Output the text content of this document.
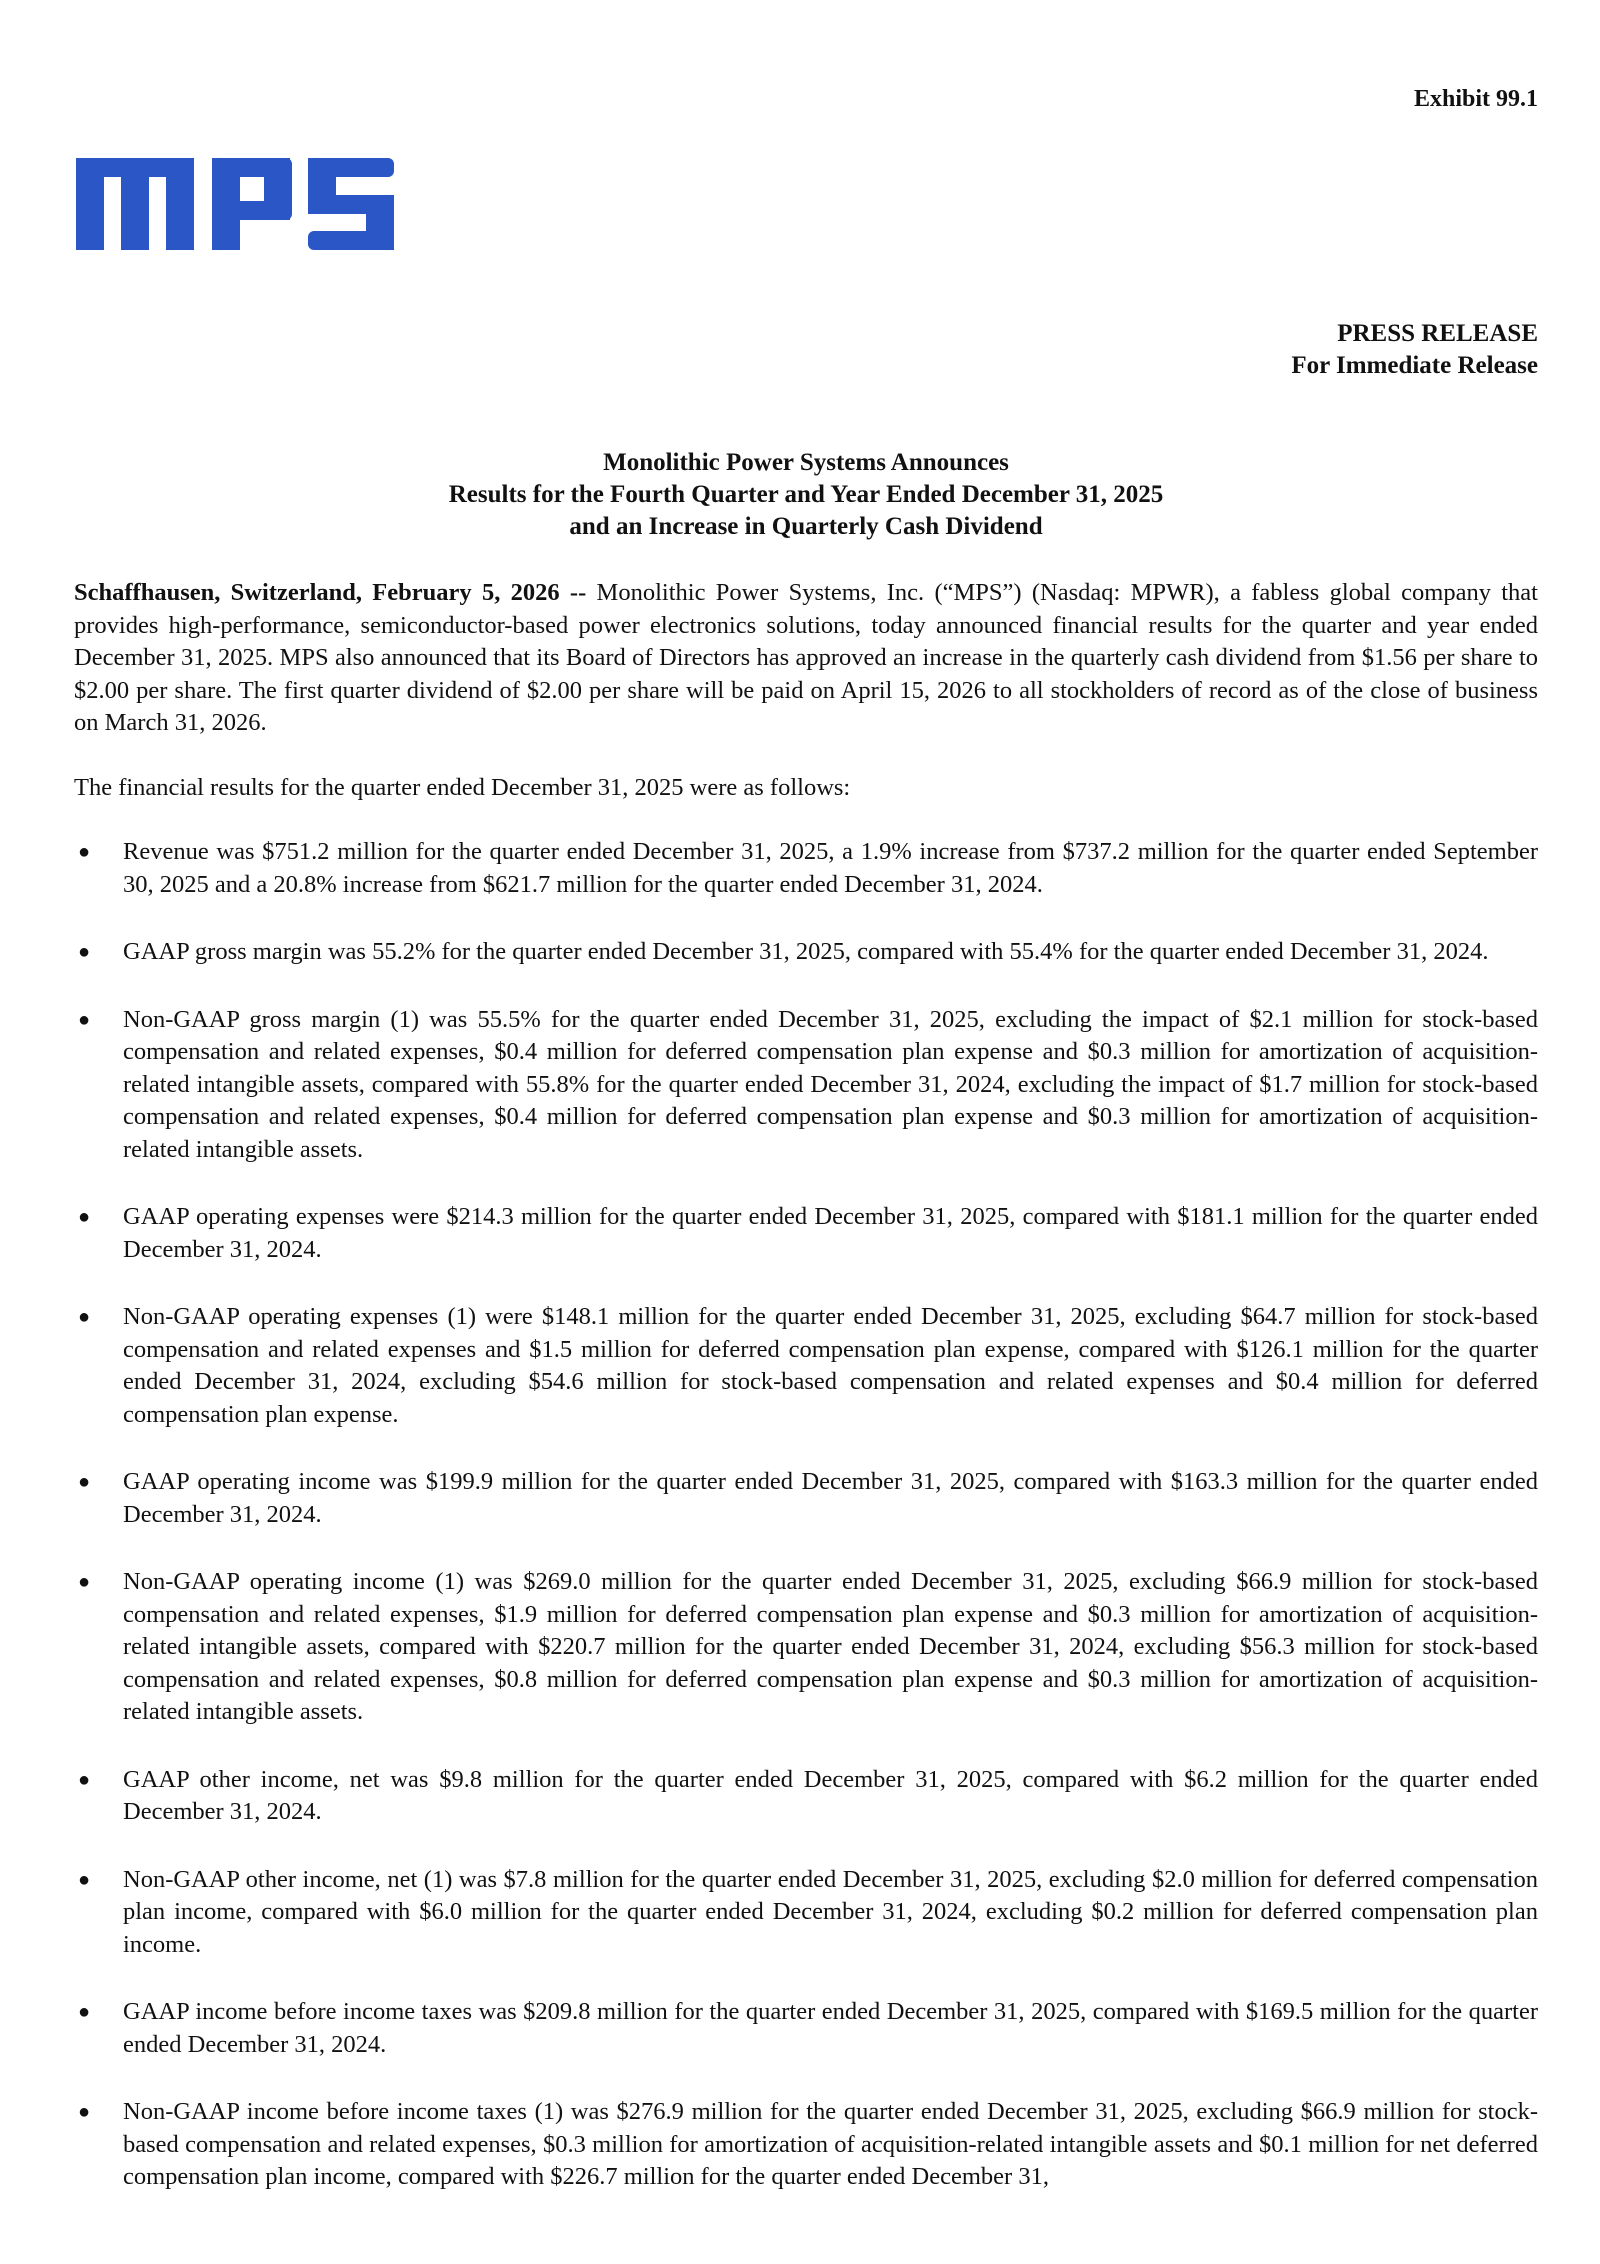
Exhibit 99.1
PRESS RELEASE
For Immediate Release
Monolithic Power Systems Announces
Results for the Fourth Quarter and Year Ended December 31, 2025
and an Increase in Quarterly Cash Dividend

Schaffhausen, Switzerland, February 5, 2026 -- Monolithic Power Systems, Inc. (“MPS”) (Nasdaq: MPWR), a fabless global company that provides high-performance, semiconductor-based power electronics solutions, today announced financial results for the quarter and year ended December 31, 2025. MPS also announced that its Board of Directors has approved an increase in the quarterly cash dividend from $1.56 per share to $2.00 per share. The first quarter dividend of $2.00 per share will be paid on April 15, 2026 to all stockholders of record as of the close of business on March 31, 2026.

The financial results for the quarter ended December 31, 2025 were as follows:

● Revenue was $751.2 million for the quarter ended December 31, 2025, a 1.9% increase from $737.2 million for the quarter ended September 30, 2025 and a 20.8% increase from $621.7 million for the quarter ended December 31, 2024.
● GAAP gross margin was 55.2% for the quarter ended December 31, 2025, compared with 55.4% for the quarter ended December 31, 2024.
● Non-GAAP gross margin (1) was 55.5% for the quarter ended December 31, 2025, excluding the impact of $2.1 million for stock-based compensation and related expenses, $0.4 million for deferred compensation plan expense and $0.3 million for amortization of acquisition-related intangible assets, compared with 55.8% for the quarter ended December 31, 2024, excluding the impact of $1.7 million for stock-based compensation and related expenses, $0.4 million for deferred compensation plan expense and $0.3 million for amortization of acquisition-related intangible assets.
● GAAP operating expenses were $214.3 million for the quarter ended December 31, 2025, compared with $181.1 million for the quarter ended December 31, 2024.
● Non-GAAP operating expenses (1) were $148.1 million for the quarter ended December 31, 2025, excluding $64.7 million for stock-based compensation and related expenses and $1.5 million for deferred compensation plan expense, compared with $126.1 million for the quarter ended December 31, 2024, excluding $54.6 million for stock-based compensation and related expenses and $0.4 million for deferred compensation plan expense.
● GAAP operating income was $199.9 million for the quarter ended December 31, 2025, compared with $163.3 million for the quarter ended December 31, 2024.
● Non-GAAP operating income (1) was $269.0 million for the quarter ended December 31, 2025, excluding $66.9 million for stock-based compensation and related expenses, $1.9 million for deferred compensation plan expense and $0.3 million for amortization of acquisition-related intangible assets, compared with $220.7 million for the quarter ended December 31, 2024, excluding $56.3 million for stock-based compensation and related expenses, $0.8 million for deferred compensation plan expense and $0.3 million for amortization of acquisition-related intangible assets.
● GAAP other income, net was $9.8 million for the quarter ended December 31, 2025, compared with $6.2 million for the quarter ended December 31, 2024.
● Non-GAAP other income, net (1) was $7.8 million for the quarter ended December 31, 2025, excluding $2.0 million for deferred compensation plan income, compared with $6.0 million for the quarter ended December 31, 2024, excluding $0.2 million for deferred compensation plan income.
● GAAP income before income taxes was $209.8 million for the quarter ended December 31, 2025, compared with $169.5 million for the quarter ended December 31, 2024.
● Non-GAAP income before income taxes (1) was $276.9 million for the quarter ended December 31, 2025, excluding $66.9 million for stock-based compensation and related expenses, $0.3 million for amortization of acquisition-related intangible assets and $0.1 million for net deferred compensation plan income, compared with $226.7 million for the quarter ended December 31,
